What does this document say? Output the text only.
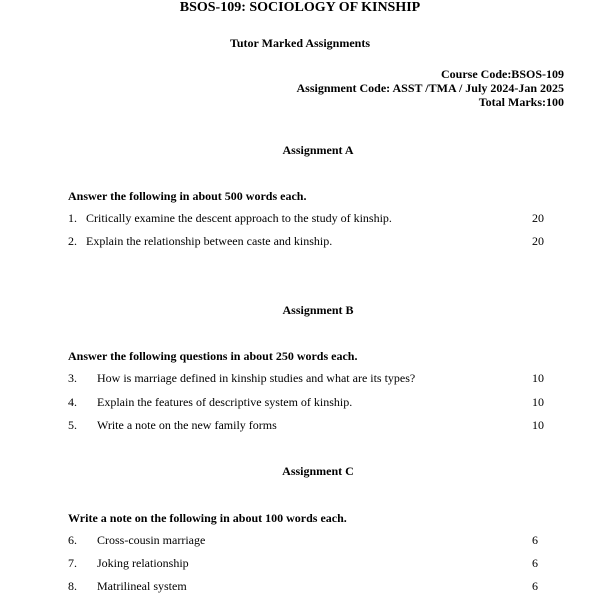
BSOS-109: SOCIOLOGY OF KINSHIP
Tutor Marked Assignments
Course Code:BSOS-109
Assignment Code: ASST /TMA / July 2024-Jan 2025
Total Marks:100
Assignment A
Answer the following in about 500 words each.
1. Critically examine the descent approach to the study of kinship.	20
2. Explain the relationship between caste and kinship.	20
Assignment B
Answer the following questions in about 250 words each.
3. How is marriage defined in kinship studies and what are its types?	10
4. Explain the features of descriptive system of kinship.	10
5. Write a note on the new family forms	10
Assignment C
Write a note on the following in about 100 words each.
6. Cross-cousin marriage	6
7. Joking relationship	6
8. Matrilineal system	6
